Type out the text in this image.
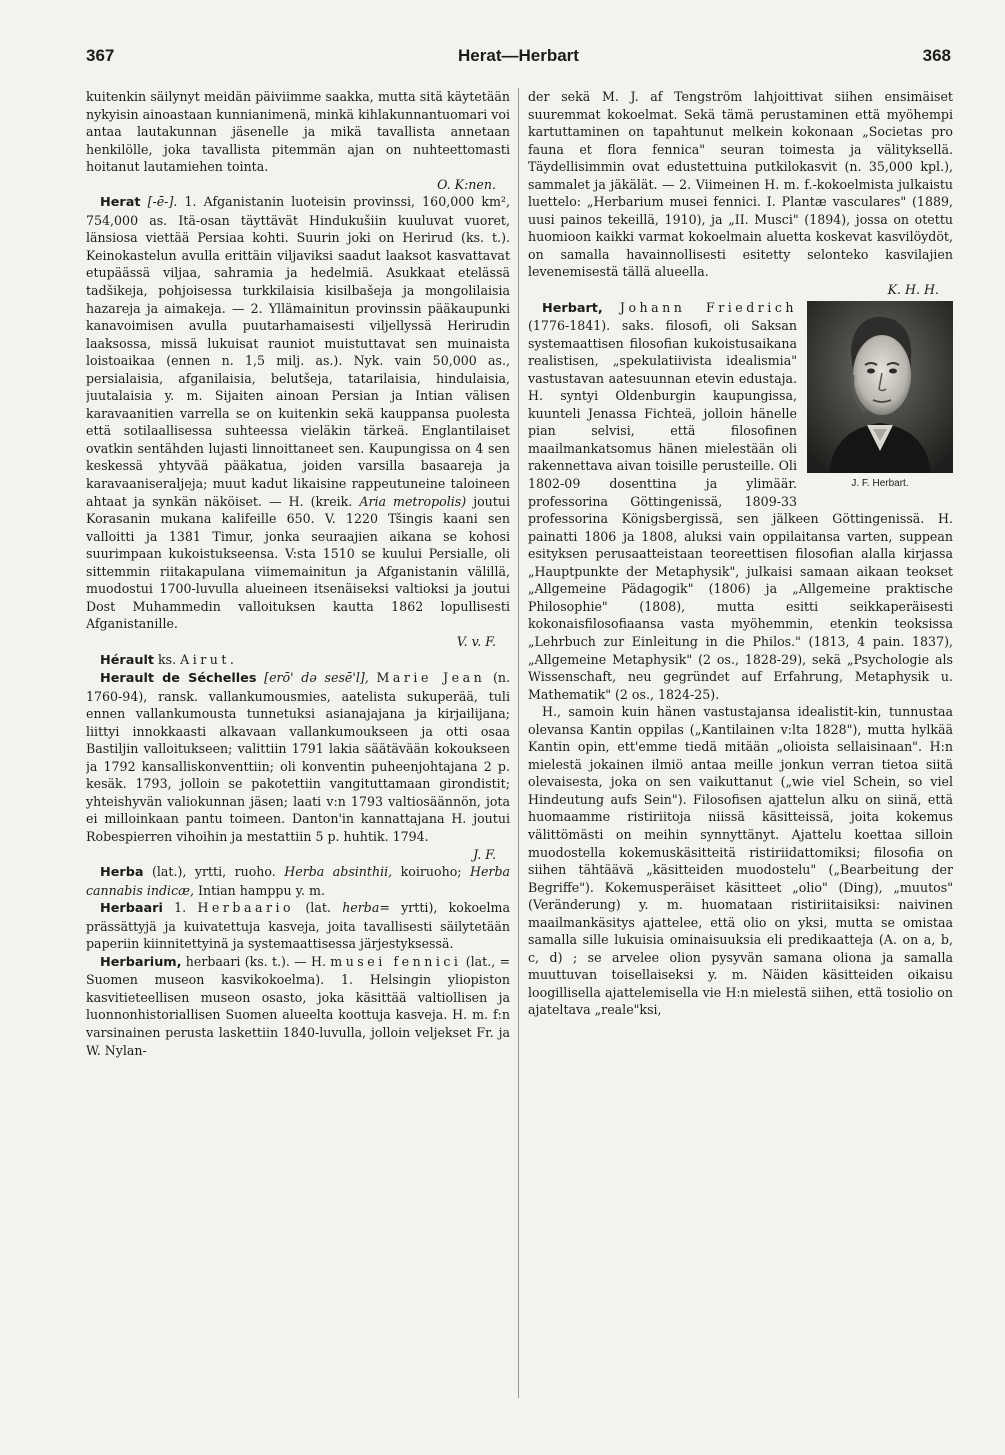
367	Herat—Herbart	368

kuitenkin säilynyt meidän päiviimme saakka, mutta sitä käytetään nykyisin ainoastaan kunnianimenä, minkä kihlakunnantuomari voi antaa lautakunnan jäsenelle ja mikä tavallista annetaan henkilölle, joka tavallista pitemmän ajan on nuhteettomasti hoitanut lautamiehen tointa.

O. K:nen.

Herat [-ē-]. 1. Afganistanin luoteisin provinssi, 160,000 km², 754,000 as. Itä-osan täyttävät Hindukušiin kuuluvat vuoret, länsiosa viettää Persiaa kohti. Suurin joki on Herirud (ks. t.). Keinokastelun avulla erittäin viljaviksi saadut laaksot kasvattavat etupäässä viljaa, sahramia ja hedelmiä. Asukkaat etelässä tadšikeja, pohjoisessa turkkilaisia kisilbašeja ja mongolilaisia hazareja ja aimakeja. — 2. Yllämainitun provinssin pääkaupunki kanavoimisen avulla puutarhamaisesti viljellyssä Herirudin laaksossa, missä lukuisat rauniot muistuttavat sen muinaista loistoaikaa (ennen n. 1,5 milj. as.). Nyk. vain 50,000 as., persialaisia, afganilaisia, belutšeja, tatarilaisia, hindulaisia, juutalaisia y. m. Sijaiten ainoan Persian ja Intian välisen karavaanitien varrella se on kuitenkin sekä kauppansa puolesta että sotilaallisessa suhteessa vieläkin tärkeä. Englantilaiset ovatkin sentähden lujasti linnoittaneet sen. Kaupungissa on 4 sen keskessä yhtyvää pääkatua, joiden varsilla basaareja ja karavaaniseraljeja; muut kadut likaisine rappeutuneine taloineen ahtaat ja synkän näköiset. — H. (kreik. Aria metropolis) joutui Korasanin mukana kalifeille 650. V. 1220 Tšingis kaani sen valloitti ja 1381 Timur, jonka seuraajien aikana se kohosi suurimpaan kukoistukseensa. V:sta 1510 se kuului Persialle, oli sittemmin riitakapulana viimemainitun ja Afganistanin välillä, muodostui 1700-luvulla alueineen itsenäiseksi valtioksi ja joutui Dost Muhammedin valloituksen kautta 1862 lopullisesti Afganistanille.

V. v. F.

Hérault ks. Airut.

Herault de Séchelles [erō' də sesē'l], Marie Jean (n. 1760-94), ransk. vallankumousmies, aatelista sukuperää, tuli ennen vallankumousta tunnetuksi asianajajana ja kirjailijana; liittyi innokkaasti alkavaan vallankumoukseen ja otti osaa Bastiljin valloitukseen; valittiin 1791 lakia säätävään kokoukseen ja 1792 kansalliskonventtiin; oli konventin puheenjohtajana 2 p. kesäk. 1793, jolloin se pakotettiin vangituttamaan girondistit; yhteishyvän valiokunnan jäsen; laati v:n 1793 valtiosäännön, jota ei milloinkaan pantu toimeen. Danton'in kannattajana H. joutui Robespierren vihoihin ja mestattiin 5 p. huhtik. 1794.

J. F.

Herba (lat.), yrtti, ruoho. Herba absinthii, koiruoho; Herba cannabis indicæ, Intian hamppu y. m.

Herbaari 1. Herbaario (lat. herba= yrtti), kokoelma prässättyjä ja kuivatettuja kasveja, joita tavallisesti säilytetään paperiin kiinnitettyinä ja systemaattisessa järjestyksessä.

Herbarium, herbaari (ks. t.). — H. musei fennici (lat., = Suomen museon kasvikokoelma). 1. Helsingin yliopiston kasvitieteellisen museon osasto, joka käsittää valtiollisen ja luonnonhistoriallisen Suomen alueelta koottuja kasveja. H. m. f:n varsinainen perusta laskettiin 1840-luvulla, jolloin veljekset Fr. ja W. Nylan-

der sekä M. J. af Tengström lahjoittivat siihen ensimäiset suuremmat kokoelmat. Sekä tämä perustaminen että myöhempi kartuttaminen on tapahtunut melkein kokonaan „Societas pro fauna et flora fennica" seuran toimesta ja välityksellä. Täydellisimmin ovat edustettuina putkilokasvit (n. 35,000 kpl.), sammalet ja jäkälät. — 2. Viimeinen H. m. f.-kokoelmista julkaistu luettelo: „Herbarium musei fennici. I. Plantæ vasculares" (1889, uusi painos tekeillä, 1910), ja „II. Musci" (1894), jossa on otettu huomioon kaikki varmat kokoelmain aluetta koskevat kasvilöydöt, on samalla havainnollisesti esitetty selonteko kasvilajien levenemisestä tällä alueella.

K. H. H.

Herbart, Johann Friedrich
J. F. Herbart.
(1776-1841). saks. filosofi, oli Saksan systemaattisen filosofian kukoistusaikana realistisen, „spekulatiivista idealismia" vastustavan aatesuunnan etevin edustaja. H. syntyi Oldenburgin kaupungissa, kuunteli Jenassa Fichteä, jolloin hänelle pian selvisi, että filosofinen maailmankatsomus hänen mielestään oli rakennettava aivan toisille perusteille. Oli 1802-09 dosenttina ja ylimäär. professorina Göttingenissä, 1809-33 professorina Königsbergissä, sen jälkeen Göttingenissä. H. painatti 1806 ja 1808, aluksi vain oppilaitansa varten, suppean esityksen perusaatteistaan teoreettisen filosofian alalla kirjassa „Hauptpunkte der Metaphysik", julkaisi samaan aikaan teokset „Allgemeine Pädagogik" (1806) ja „Allgemeine praktische Philosophie" (1808), mutta esitti seikkaperäisesti kokonaisfilosofiaansa vasta myöhemmin, etenkin teoksissa „Lehrbuch zur Einleitung in die Philos." (1813, 4 pain. 1837), „Allgemeine Metaphysik" (2 os., 1828-29), sekä „Psychologie als Wissenschaft, neu gegründet auf Erfahrung, Metaphysik u. Mathematik" (2 os., 1824-25).

H., samoin kuin hänen vastustajansa idealistit-kin, tunnustaa olevansa Kantin oppilas („Kantilainen v:lta 1828"), mutta hylkää Kantin opin, ett'emme tiedä mitään „olioista sellaisinaan". H:n mielestä jokainen ilmiö antaa meille jonkun verran tietoa siitä olevaisesta, joka on sen vaikuttanut („wie viel Schein, so viel Hindeutung aufs Sein"). Filosofisen ajattelun alku on siinä, että huomaamme ristiriitoja niissä käsitteissä, joita kokemus välittömästi on meihin synnyttänyt. Ajattelu koettaa silloin muodostella kokemuskäsitteitä ristiriidattomiksi; filosofia on siihen tähtäävä „käsitteiden muodostelu" („Bearbeitung der Begriffe"). Kokemusperäiset käsitteet „olio" (Ding), „muutos" (Veränderung) y. m. huomataan ristiriitaisiksi: naivinen maailmankäsitys ajattelee, että olio on yksi, mutta se omistaa samalla sille lukuisia ominaisuuksia eli predikaatteja (A. on a, b, c, d) ; se arvelee olion pysyvän samana oliona ja samalla muuttuvan toisellaiseksi y. m. Näiden käsitteiden oikaisu loogillisella ajattelemisella vie H:n mielestä siihen, että tosiolio on ajateltava „reale"ksi,
